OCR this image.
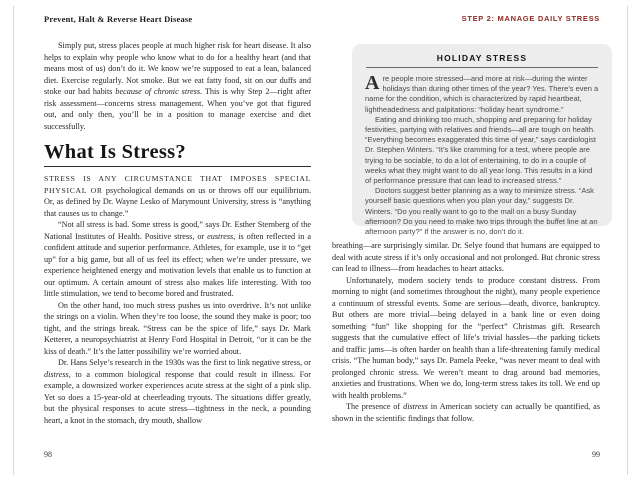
Prevent, Halt & Reverse Heart Disease

Simply put, stress places people at much higher risk for heart disease. It also helps to explain why people who know what to do for a healthy heart (and that means most of us) don’t do it. We know we’re supposed to eat a lean, balanced diet. Exercise regularly. Not smoke. But we eat fatty food, sit on our duffs and stoke our bad habits because of chronic stress. This is why Step 2—right after risk assessment—concerns stress management. When you’ve got that figured out, and only then, you’ll be in a position to manage exercise and diet successfully.

What Is Stress?

STRESS IS ANY CIRCUMSTANCE THAT IMPOSES SPECIAL PHYSICAL OR psychological demands on us or throws off our equilibrium. Or, as defined by Dr. Wayne Lesko of Marymount University, stress is “anything that causes us to change.”

“Not all stress is bad. Some stress is good,” says Dr. Esther Sternberg of the National Institutes of Health. Positive stress, or eustress, is often reflected in a confident attitude and superior performance. Athletes, for example, use it to “get up” for a big game, but all of us feel its effect; when we’re under pressure, we experience heightened energy and motivation levels that enable us to function at our optimum. A certain amount of stress also makes life interesting. With too little stimulation, we tend to become bored and frustrated.

On the other hand, too much stress pushes us into overdrive. It’s not unlike the strings on a violin. When they’re too loose, the sound they make is poor; too tight, and the strings break. “Stress can be the spice of life,” says Dr. Mark Ketterer, a neuropsychiatrist at Henry Ford Hospital in Detroit, “or it can be the kiss of death.” It’s the latter possibility we’re worried about.

Dr. Hans Selye’s research in the 1930s was the first to link negative stress, or distress, to a common biological response that could result in illness. For example, a downsized worker experiences acute stress at the sight of a pink slip. Yet so does a 15-year-old at cheerleading tryouts. The situations differ greatly, but the physical responses to acute stress—tightness in the neck, a pounding heart, a knot in the stomach, dry mouth, shallow

98
STEP 2: MANAGE DAILY STRESS
HOLIDAY STRESS

Are people more stressed—and more at risk—during the winter holidays than during other times of the year? Yes. There’s even a name for the condition, which is characterized by rapid heartbeat, lightheadedness and palpitations: “holiday heart syndrome.”

Eating and drinking too much, shopping and preparing for holiday festivities, partying with relatives and friends—all are tough on health. “Everything becomes exaggerated this time of year,” says cardiologist Dr. Stephen Winters. “It’s like cramming for a test, where people are trying to be sociable, to do a lot of entertaining, to do in a couple of weeks what they might want to do all year long. This results in a kind of performance pressure that can lead to increased stress.”

Doctors suggest better planning as a way to minimize stress. “Ask yourself basic questions when you plan your day,” suggests Dr. Winters. “Do you really want to go to the mall on a busy Sunday afternoon? Do you need to make two trips through the buffet line at an afternoon party?” If the answer is no, don’t do it.

breathing—are surprisingly similar. Dr. Selye found that humans are equipped to deal with acute stress if it’s only occasional and not prolonged. But chronic stress can lead to illness—from headaches to heart attacks.

Unfortunately, modern society tends to produce constant distress. From morning to night (and sometimes throughout the night), many people experience a continuum of stressful events. Some are serious—death, divorce, bankruptcy. But others are more trivial—being delayed in a bank line or even doing something “fun” like shopping for the “perfect” Christmas gift. Research suggests that the cumulative effect of life’s trivial hassles—the parking tickets and traffic jams—is often harder on health than a life-threatening family medical crisis. “The human body,” says Dr. Pamela Peeke, “was never meant to deal with prolonged chronic stress. We weren’t meant to drag around bad memories, anxieties and frustrations. When we do, long-term stress takes its toll. We end up with health problems.”

The presence of distress in American society can actually be quantified, as shown in the scientific findings that follow.

99
